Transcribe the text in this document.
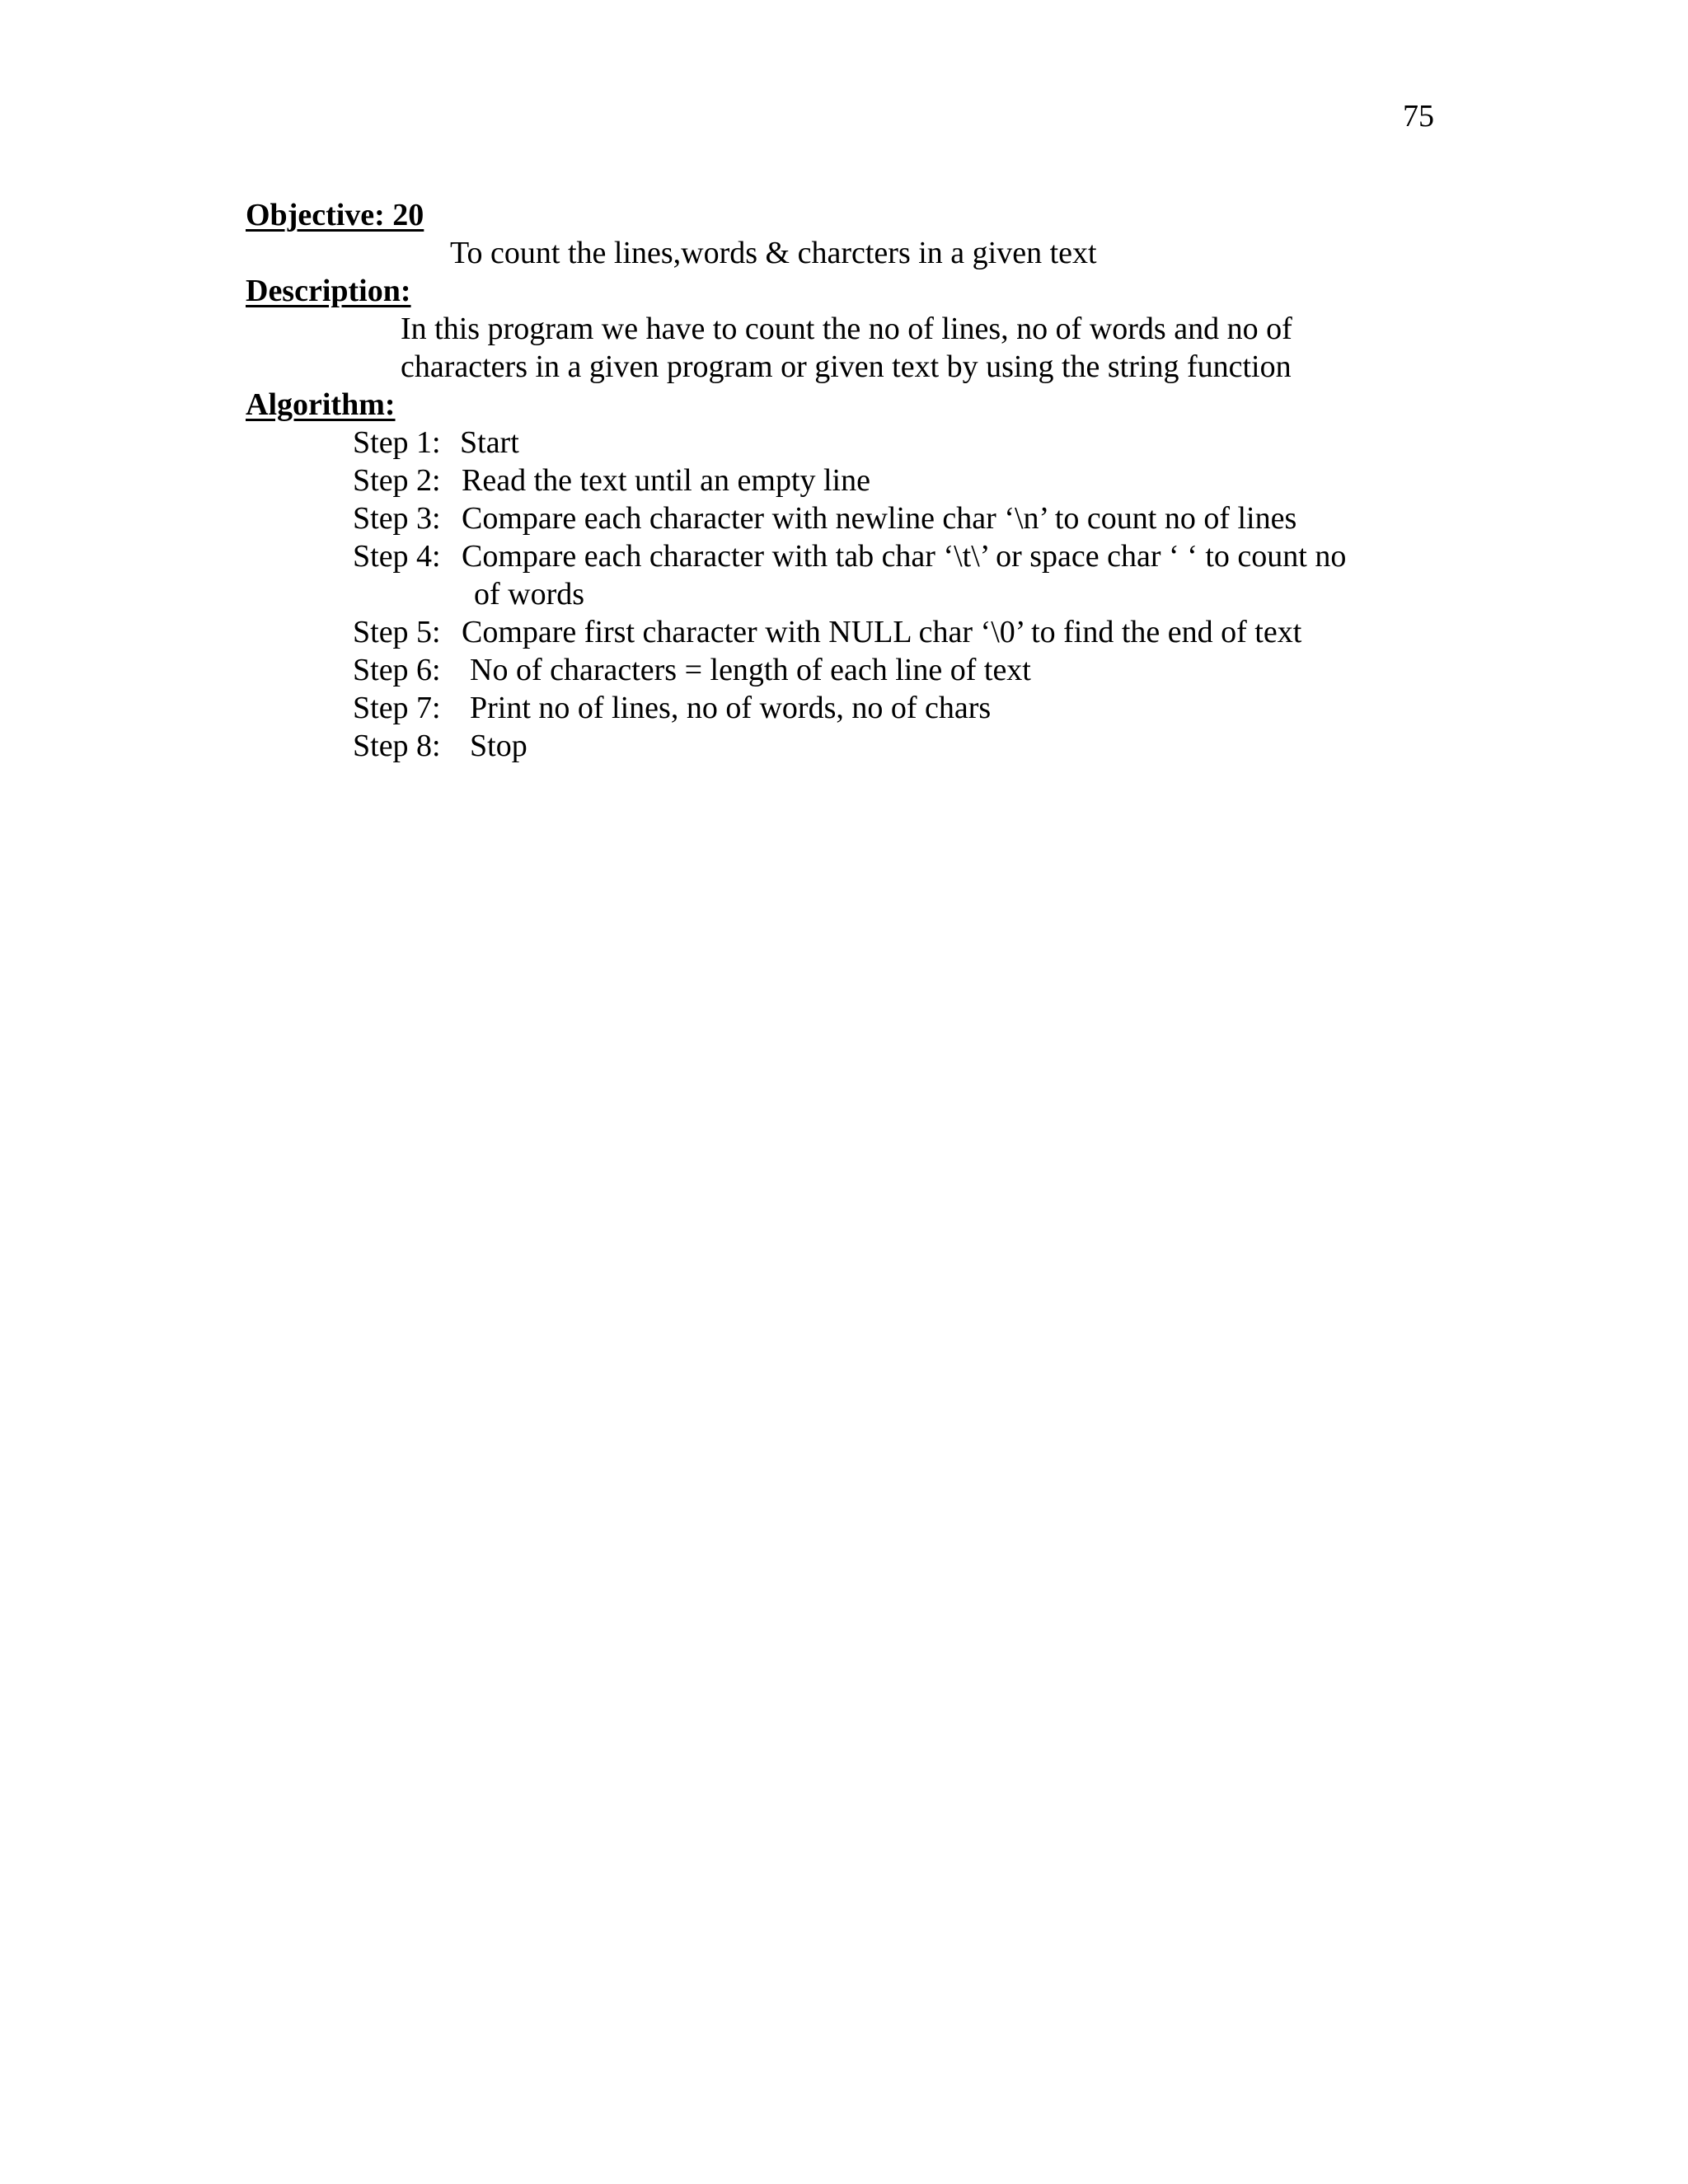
75
Objective: 20
To count the lines,words & charcters in a given text
Description:
In this program we have to count the no of lines, no of words and no of
characters in a given program or given text by using the string function
Algorithm:
Step 1: Start
Step 2: Read the text until an empty line
Step 3: Compare each character with newline char ‘\n’ to count no of lines
Step 4: Compare each character with tab char ‘\t\’ or space char ‘ ‘ to count no
of words
Step 5: Compare first character with NULL char ‘\0’ to find the end of text
Step 6: No of characters = length of each line of text
Step 7: Print no of lines, no of words, no of chars
Step 8: Stop
